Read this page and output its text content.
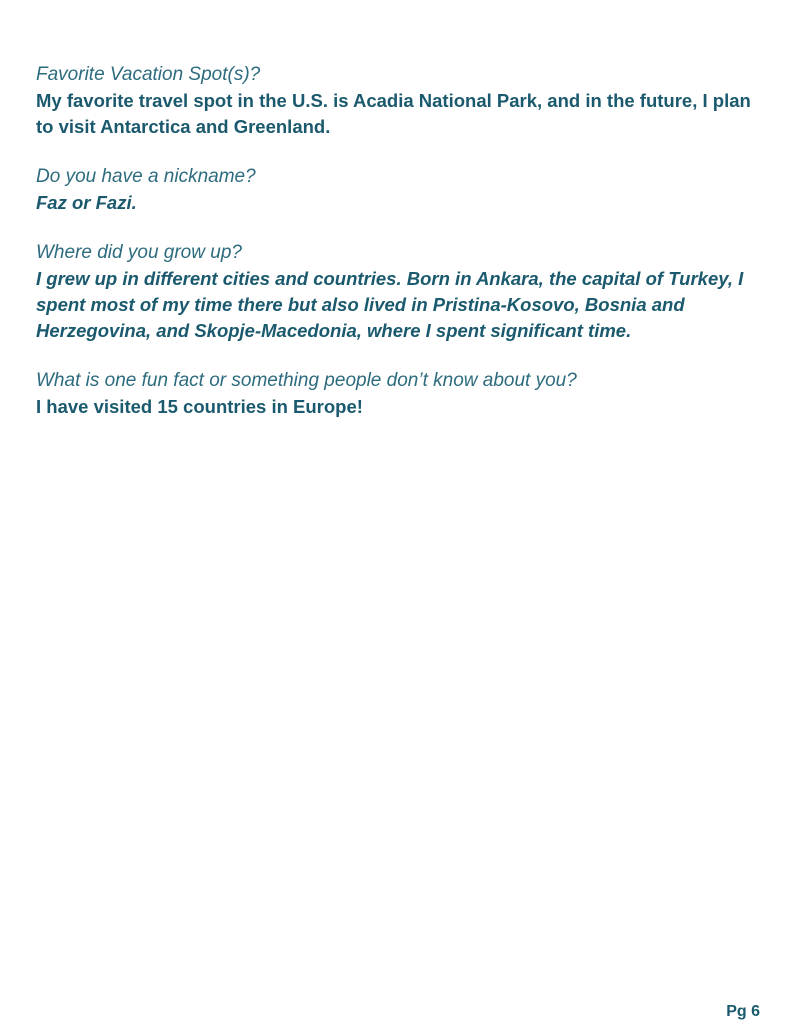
Favorite Vacation Spot(s)?

My favorite travel spot in the U.S. is Acadia National Park, and in the future, I plan to visit Antarctica and Greenland.

Do you have a nickname?

Faz or Fazi.

Where did you grow up?

I grew up in different cities and countries. Born in Ankara, the capital of Turkey, I spent most of my time there but also lived in Pristina-Kosovo, Bosnia and Herzegovina, and Skopje-Macedonia, where I spent significant time.

What is one fun fact or something people don’t know about you?

I have visited 15 countries in Europe!

Pg 6
